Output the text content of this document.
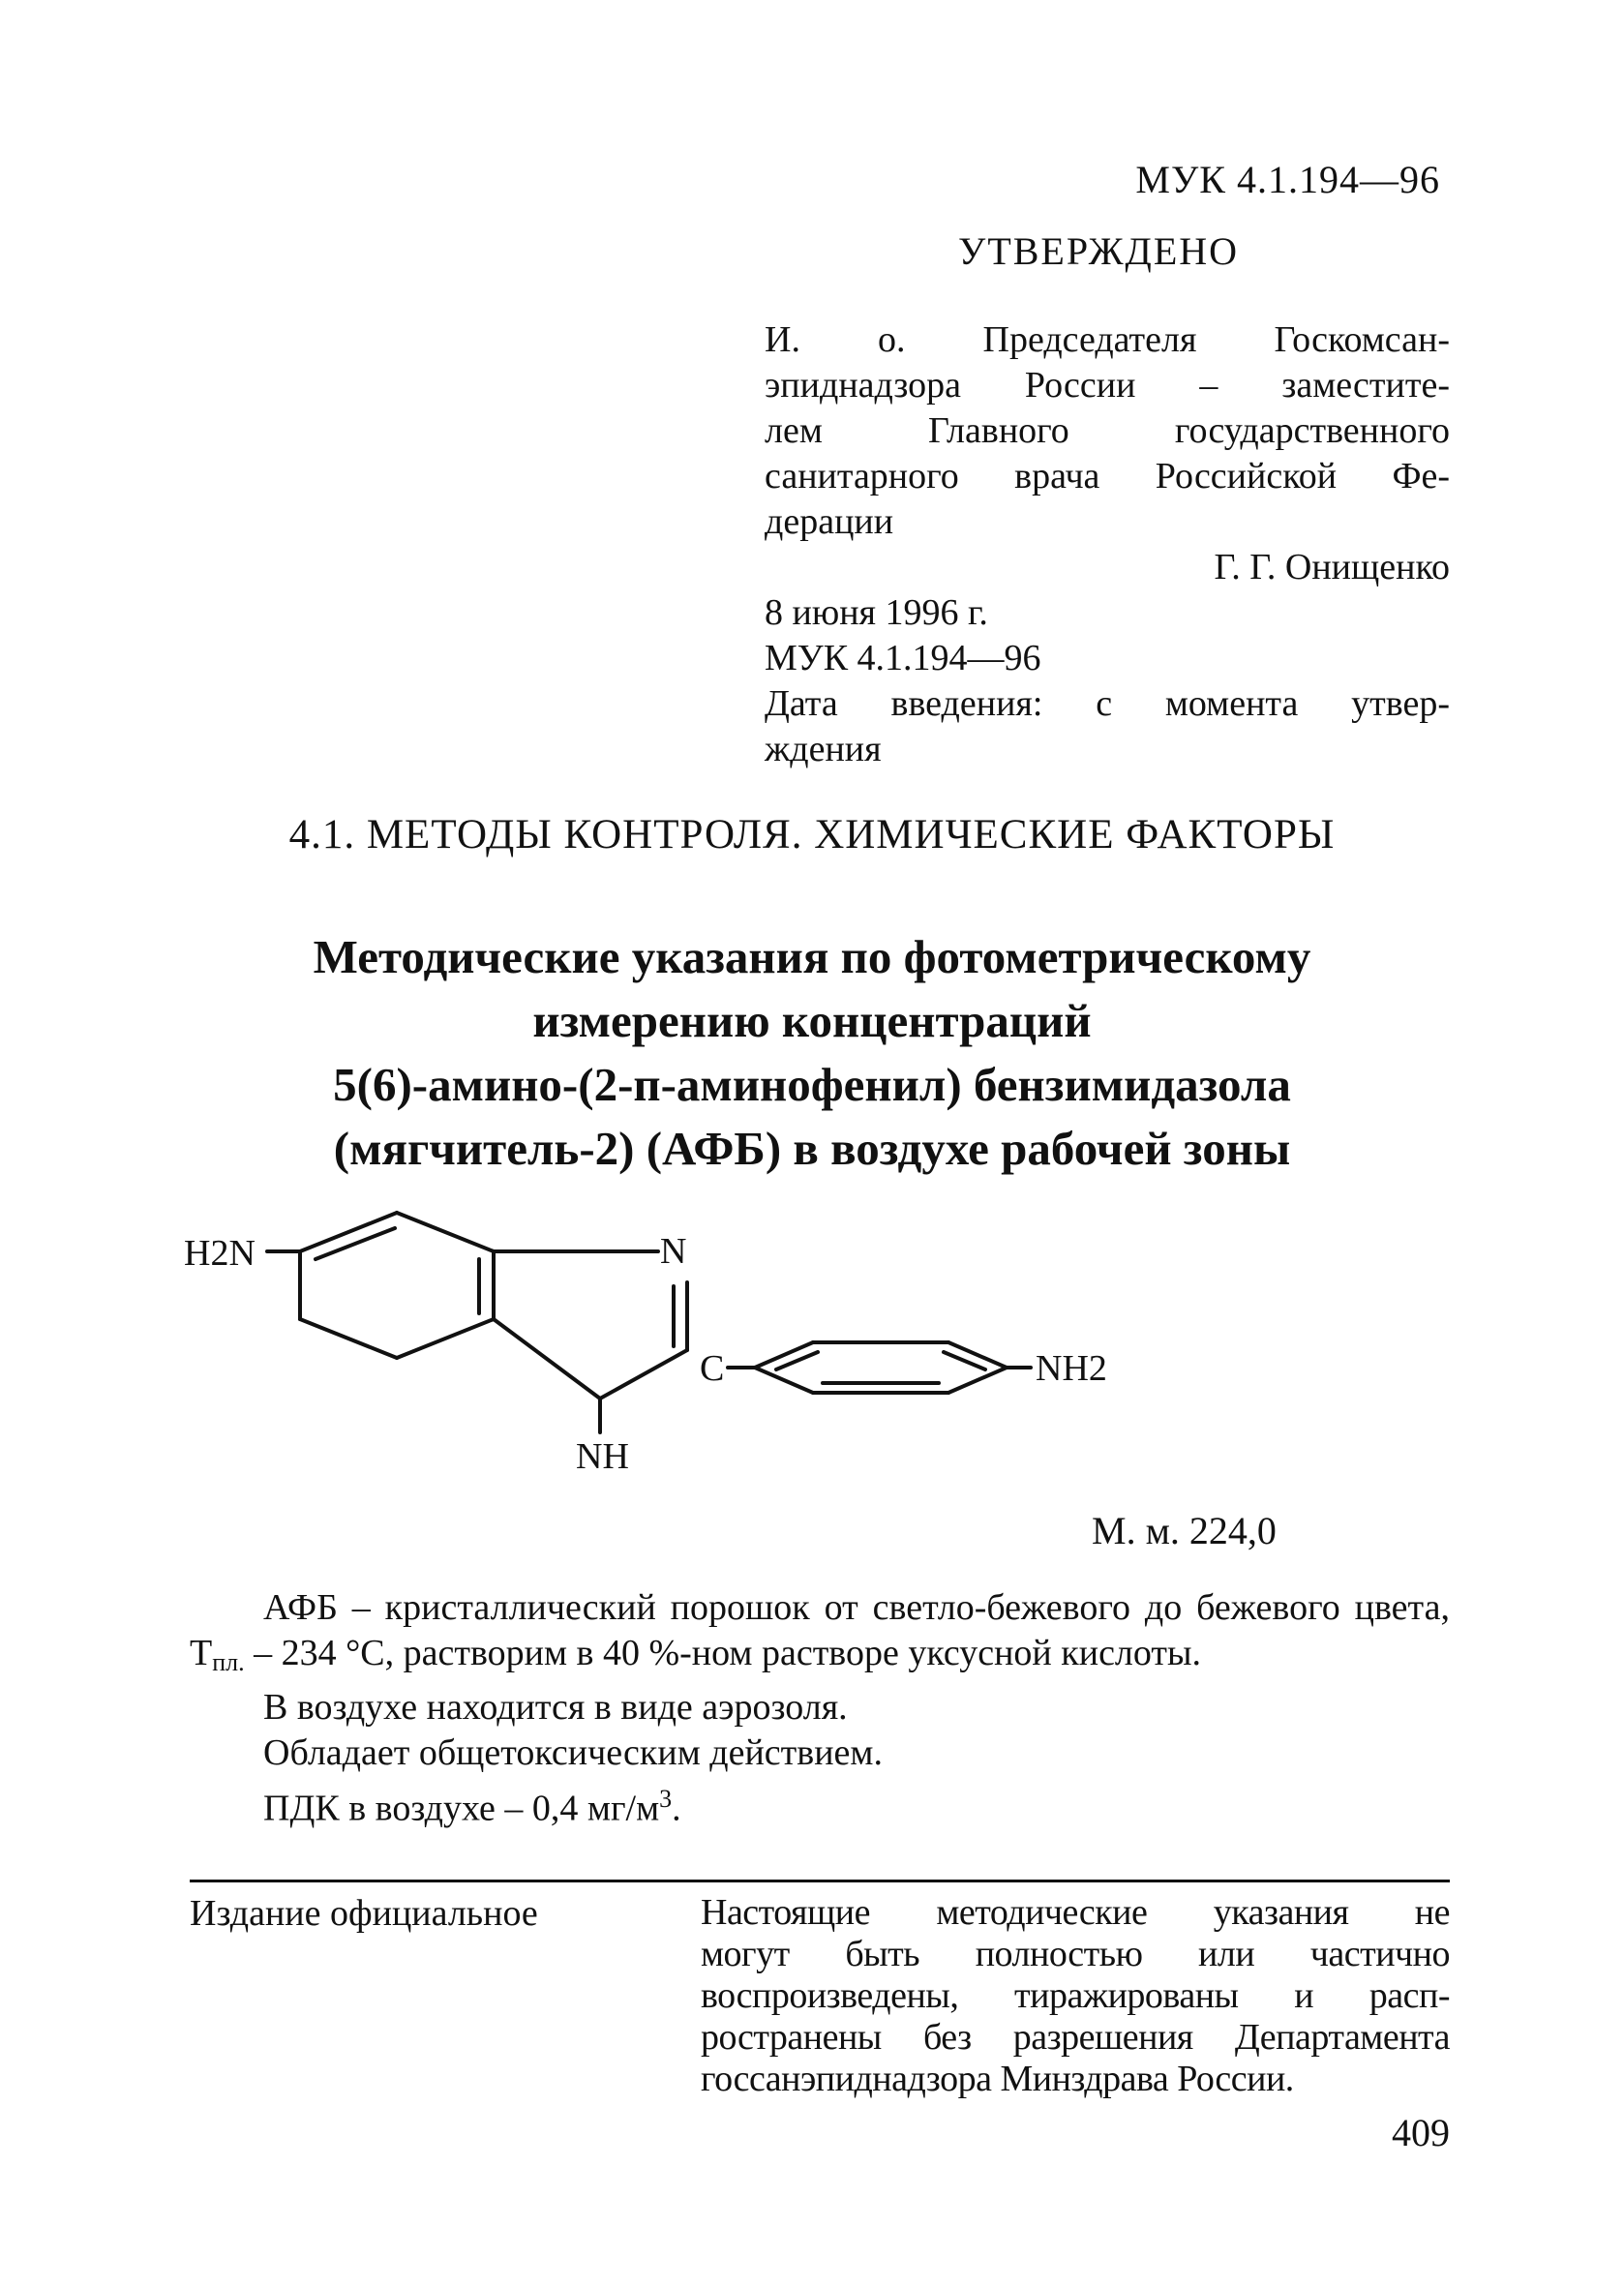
МУК 4.1.194—96
УТВЕРЖДЕНО
И. о. Председателя Госкомсан-
эпиднадзора России – заместите-
лем Главного государственного
санитарного врача Российской Фе-
дерации
Г. Г. Онищенко
8 июня 1996 г.
МУК 4.1.194—96
Дата введения: с момента утвер-
ждения
4.1. МЕТОДЫ КОНТРОЛЯ. ХИМИЧЕСКИЕ ФАКТОРЫ
Методические указания по фотометрическому
измерению концентраций
5(6)-амино-(2-п-аминофенил) бензимидазола
(мягчитель-2) (АФБ) в воздухе рабочей зоны
H2N	N
C	NH2
NH
М. м. 224,0
АФБ – кристаллический порошок от светло-бежевого до бежевого цвета, $Т_{пл.} - 234$ °С, растворим в 40 %-ном растворе уксусной кислоты.
В воздухе находится в виде аэрозоля.
Обладает общетоксическим действием.
ПДК в воздухе – 0,4 $мг/м^3$.
Издание официальное	Настоящие методические указания не
могут быть полностью или частично
воспроизведены, тиражированы и расп-
ространены без разрешения Департамента
госсанэпиднадзора Минздрава России.
409
